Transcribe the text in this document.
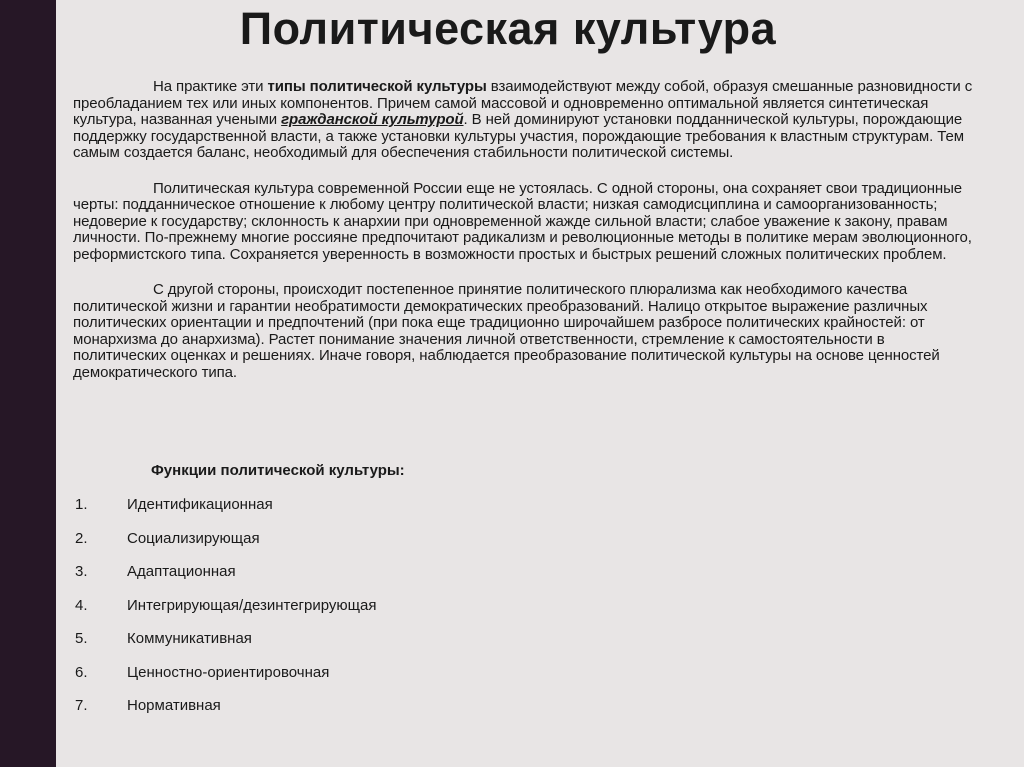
Политическая культура

На практике эти типы политической культуры взаимодействуют между собой, образуя смешанные разновидности с преобладанием тех или иных компонентов. Причем самой массовой и одновременно оптимальной является синтетическая культура, названная учеными гражданской культурой. В ней доминируют установки подданнической культуры, порождающие поддержку государственной власти, а также установки культуры участия, порождающие требования к властным структурам. Тем самым создается баланс, необходимый для обеспечения стабильности политической системы.

Политическая культура современной России еще не устоялась. С одной стороны, она сохраняет свои традиционные черты: подданническое отношение к любому центру политической власти; низкая самодисциплина и самоорганизованность; недоверие к государству; склонность к анархии при одновременной жажде сильной власти; слабое уважение к закону, правам личности. По-прежнему многие россияне предпочитают радикализм и революционные методы в политике мерам эволюционного, реформистского типа. Сохраняется уверенность в возможности простых и быстрых решений сложных политических проблем.

С другой стороны, происходит постепенное принятие политического плюрализма как необходимого качества политической жизни и гарантии необратимости демократических преобразований. Налицо открытое выражение различных политических ориентации и предпочтений (при пока еще традиционно широчайшем разбросе политических крайностей: от монархизма до анархизма). Растет понимание значения личной ответственности, стремление к самостоятельности в политических оценках и решениях. Иначе говоря, наблюдается преобразование политической культуры на основе ценностей демократического типа.

Функции политической культуры:
1.	Идентификационная
2.	Социализирующая
3.	Адаптационная
4.	Интегрирующая/дезинтегрирующая
5.	Коммуникативная
6.	Ценностно-ориентировочная
7.	Нормативная
